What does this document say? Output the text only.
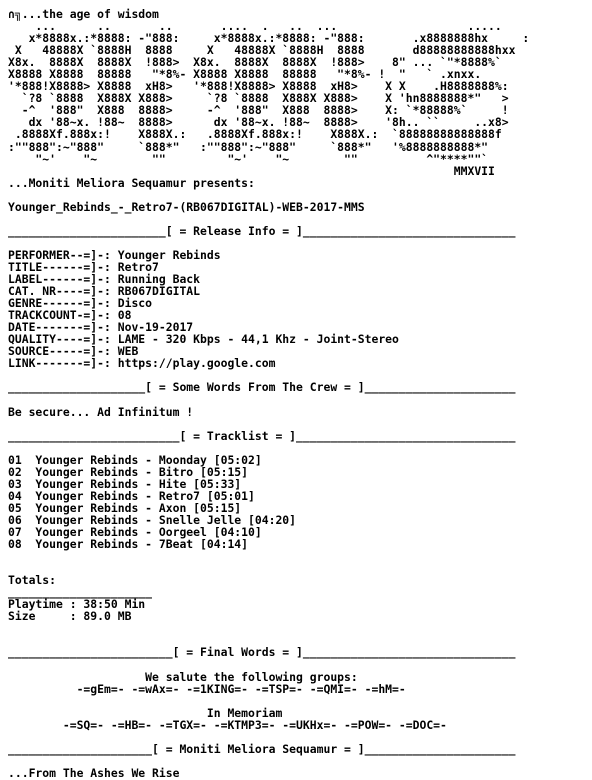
∩╗...the age of wisdom
...      ..       ..       ....  .   ..  ...                   .....
x*8888x.:*8888: -"888:     x*8888x.:*8888: -"888:       .x8888888hx     :
X   48888X `8888H  8888     X   48888X `8888H  8888       d88888888888hxx
X8x.  8888X  8888X  !888>  X8x.  8888X  8888X  !888>    8" ... `"*8888%`
X8888 X8888  88888   "*8%- X8888 X8888  88888   "*8%- !  "   ` .xnxx.
'*888!X8888> X8888  xH8>   '*888!X8888> X8888  xH8>    X X    .H8888888%:
`?8 `8888  X888X X888>     `?8 `8888  X888X X888>    X 'hn8888888*"   >
-^  '888"  X888  8888>     -^  '888"  X888  8888>    X: `*88888%`     !
dx '88~x. !88~  8888>      dx '88~x. !88~  8888>    '8h.. ``     ..x8>
.8888Xf.888x:!    X888X.:   .8888Xf.888x:!    X888X.:  `88888888888888f
:""888":~"888"     `888*"   :""888":~"888"     `888*"   '%8888888888*"
"~'    "~        ""         "~'    "~        ""          ^"****""`
MMXVII
...Moniti Meliora Sequamur presents:
Younger_Rebinds_-_Retro7-(RB067DIGITAL)-WEB-2017-MMS
_______________________[ = Release Info = ]_______________________________
PERFORMER--=]-: Younger Rebinds
TITLE------=]-: Retro7
LABEL------=]-: Running Back
CAT. NR----=]-: RB067DIGITAL
GENRE------=]-: Disco
TRACKCOUNT-=]-: 08
DATE-------=]-: Nov-19-2017
QUALITY----=]-: LAME - 320 Kbps - 44,1 Khz - Joint-Stereo
SOURCE-----=]-: WEB
LINK-------=]-: https://play.google.com
____________________[ = Some Words From The Crew = ]______________________
Be secure... Ad Infinitum !
_________________________[ = Tracklist = ]________________________________
01  Younger Rebinds - Moonday [05:02]
02  Younger Rebinds - Bitro [05:15]
03  Younger Rebinds - Hite [05:33]
04  Younger Rebinds - Retro7 [05:01]
05  Younger Rebinds - Axon [05:15]
06  Younger Rebinds - Snelle Jelle [04:20]
07  Younger Rebinds - Oorgeel [04:10]
08  Younger Rebinds - 7Beat [04:14]
Totals:
_____________________
Playtime : 38:50 Min
Size     : 89.0 MB
________________________[ = Final Words = ]_______________________________
We salute the following groups:
-=gEm=- -=wAx=- -=1KING=- -=TSP=- -=QMI=- -=hM=-
In Memoriam
-=SQ=- -=HB=- -=TGX=- -=KTMP3=- -=UKHx=- -=POW=- -=DOC=-
_____________________[ = Moniti Meliora Sequamur = ]______________________
...From The Ashes We Rise
